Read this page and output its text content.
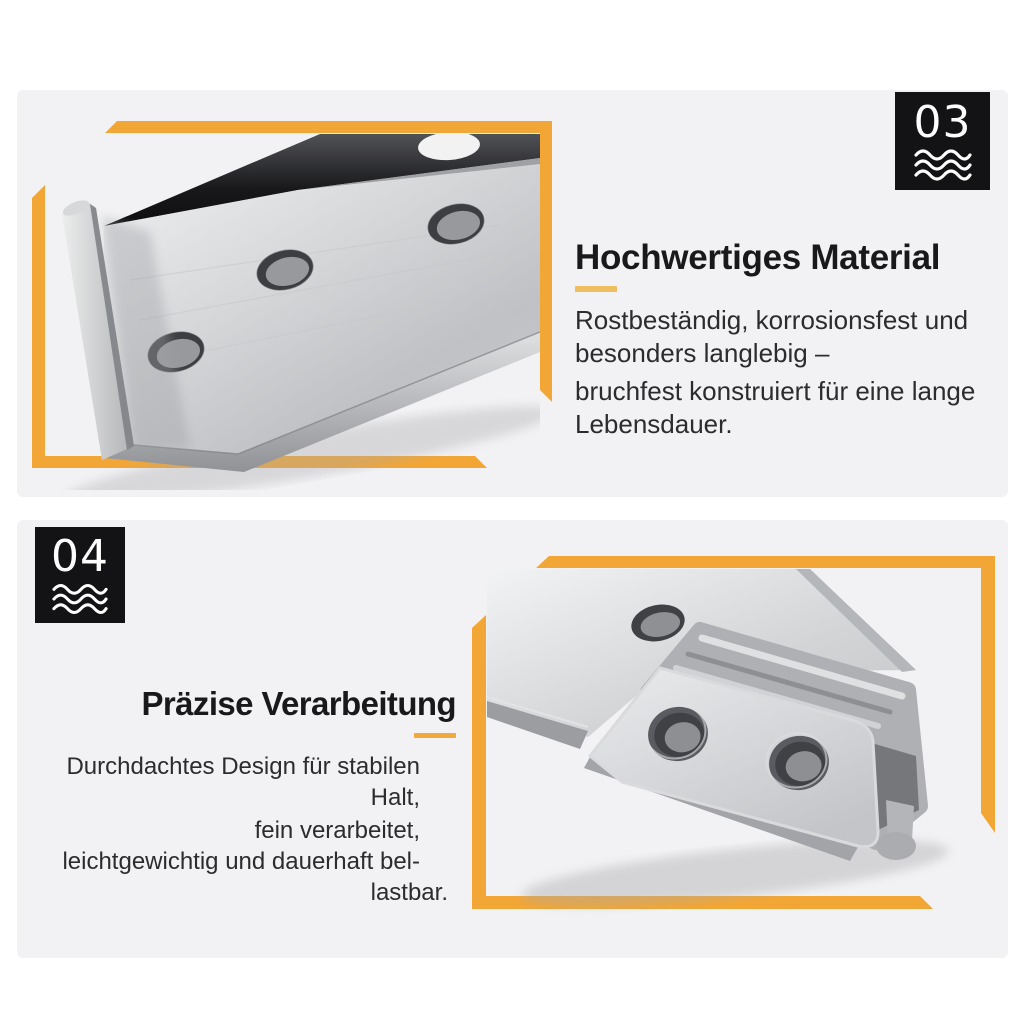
03
04
Hochwertiges Material
Rostbeständig, korrosionsfest und
besonders langlebig –
bruchfest konstruiert für eine lange
Lebensdauer.
Präzise Verarbeitung
Durchdachtes Design für stabilen Halt,
fein verarbeitet,
leichtgewichtig und dauerhaft bel-
lastbar.
